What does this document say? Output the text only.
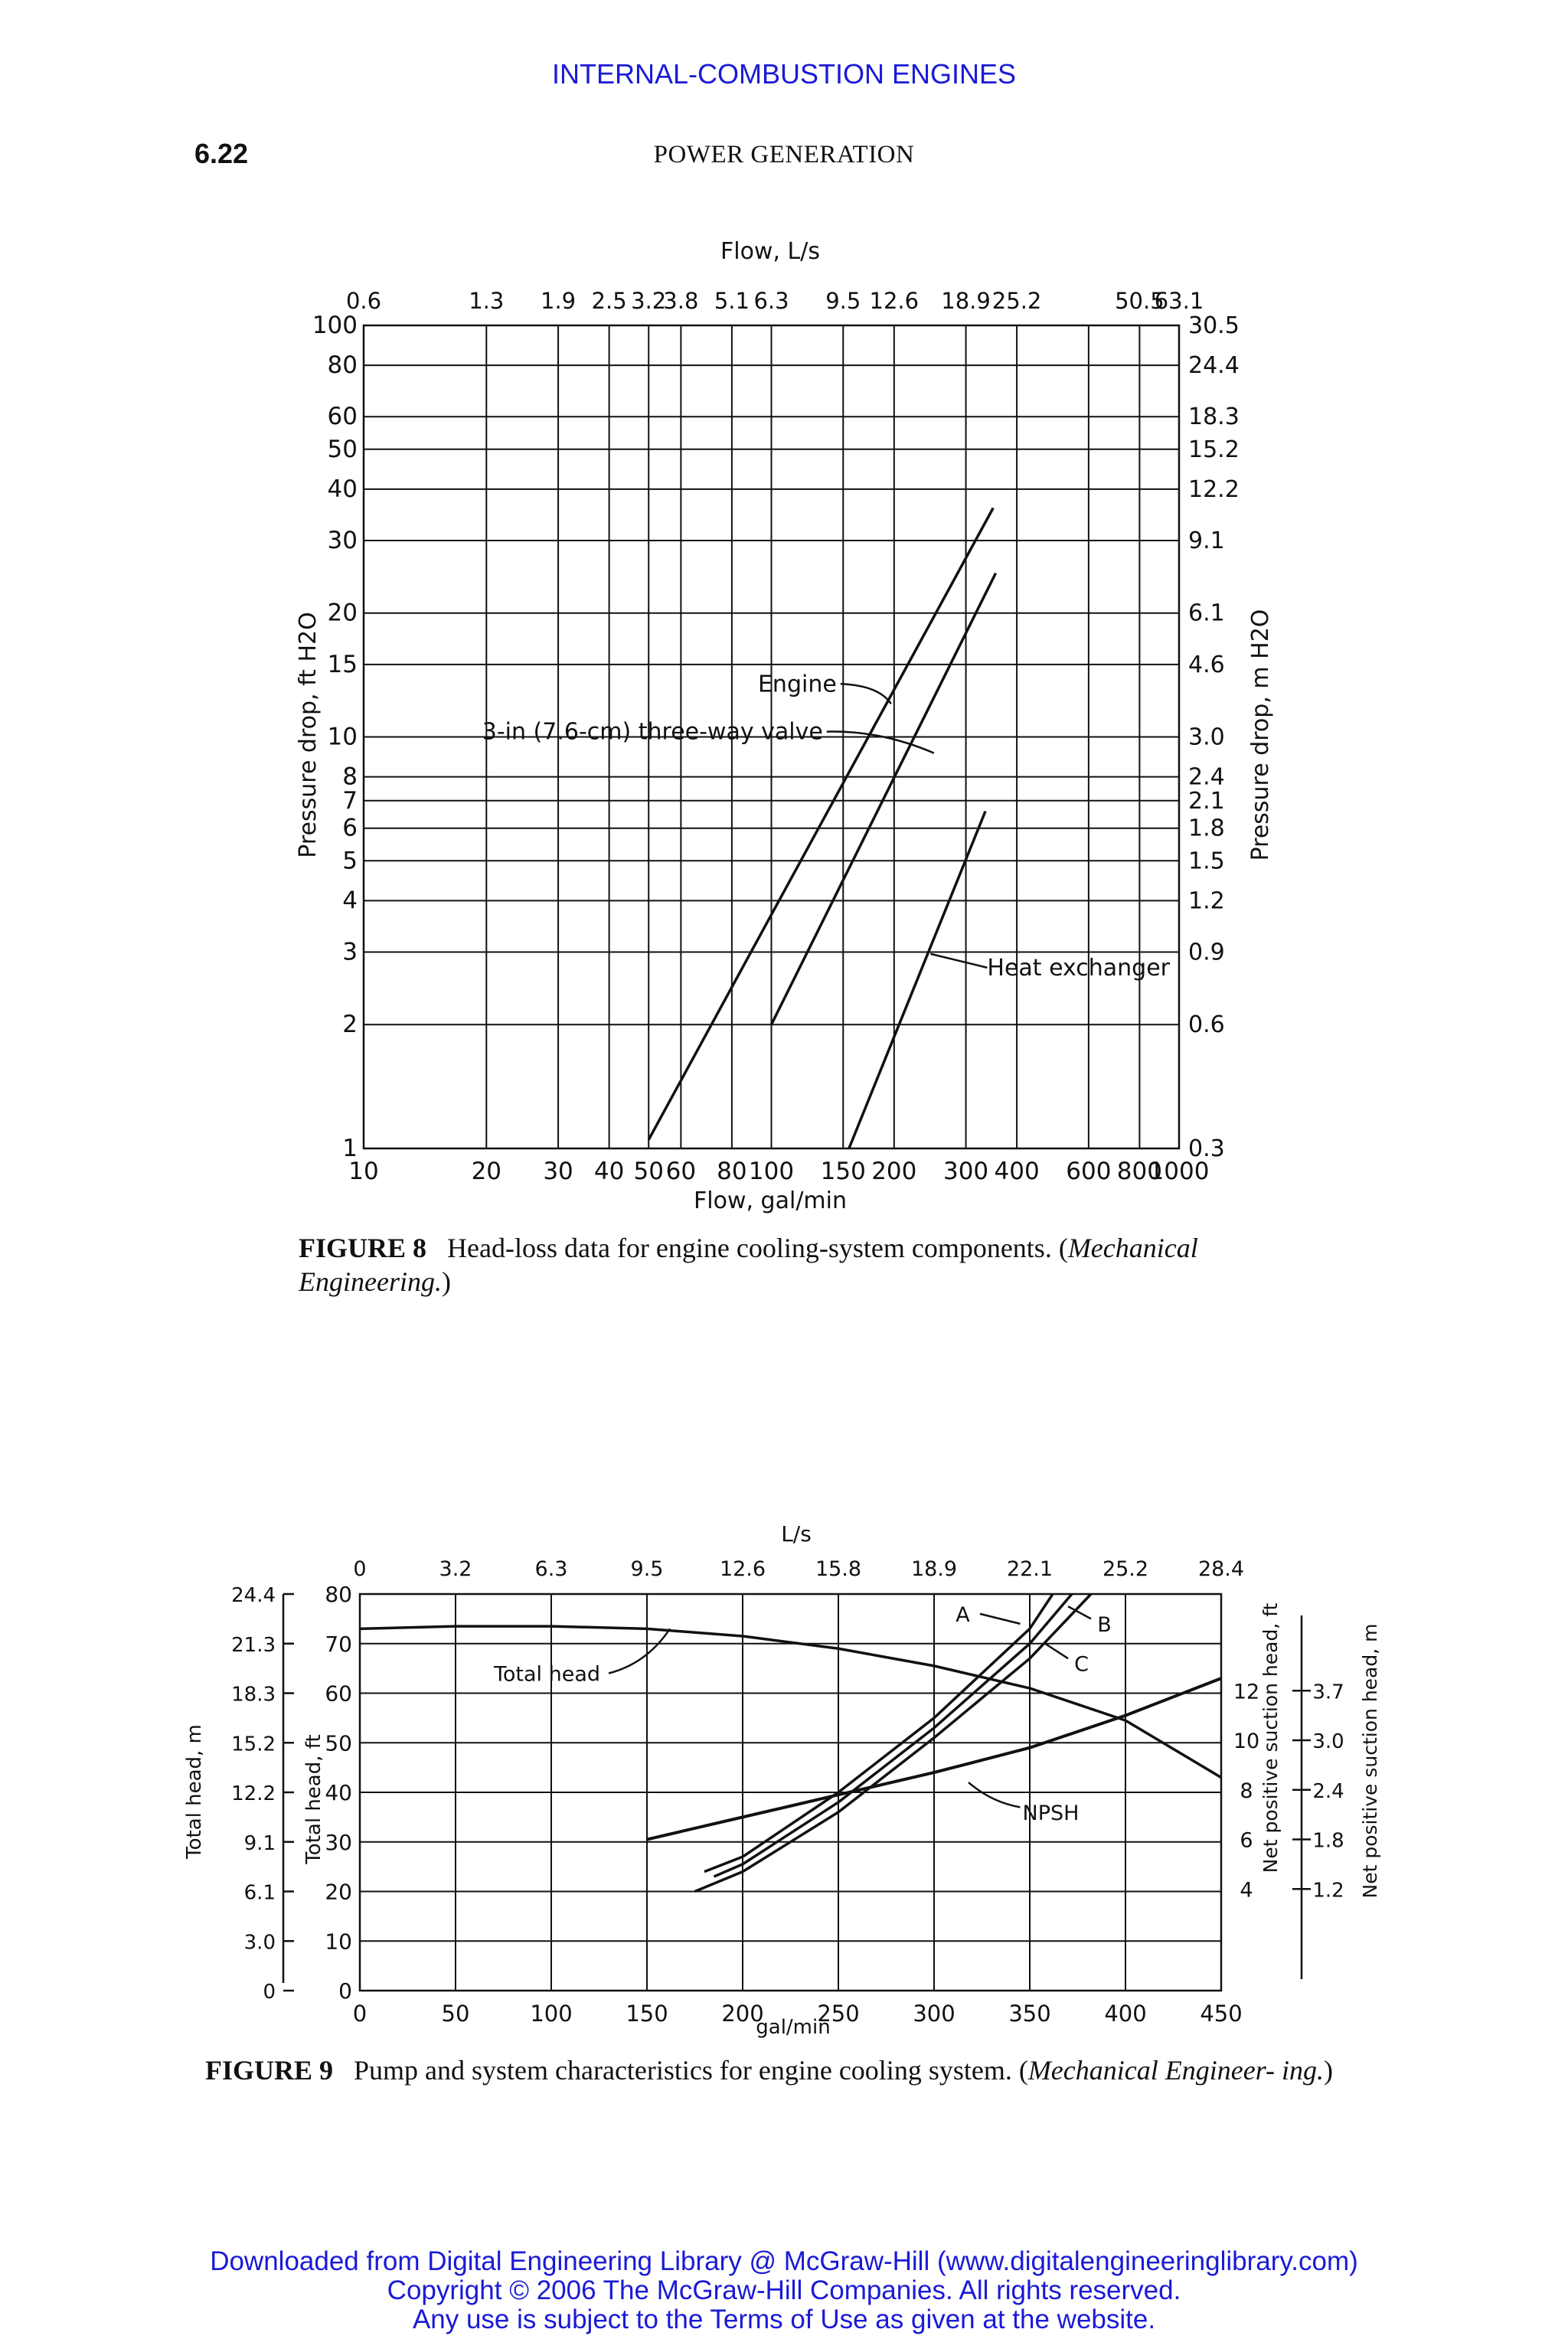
INTERNAL-COMBUSTION ENGINES
6.22	POWER GENERATION
10	20 30 40 50 60 80 100 150 200 300 400 600 800
1000
0.6	1.3 1.9 2.5 3.2
3.8 5.1 6.3 9.5 12.6 18.9 25.2	50.5
63.1
1
2
3
4
5
6
7
8
10
15
20
30
40
50
60
80
100
0.3
0.6
0.9
1.2
1.5
1.8
2.1
2.4
3.0
4.6
6.1
9.1
12.2
15.2
18.3
24.4
30.5
Flow, L/s
Flow, gal/min
Pressure drop, ft H2O	Pressure drop, m H2O
Engine
3-in (7.6-cm) three-way valve
Heat exchanger
FIGURE 8 Head-loss data for engine cooling-system components. (Mechanical Engineering.)
0	50	100 150 200 250 300 350 400 450
0	3.2	6.3	9.5	12.6 15.8 18.9 22.1 25.2 28.4
0
10
20
30
40
50
60
70
80
0
3.0
6.1
9.1
12.2
15.2
18.3
21.3
24.4
4	1.2
6	1.8
8	2.4
10	3.0
12	3.7
L/s
gal/min
Total head, ft
Total head, m	Net positive suction head, ft	Net positive suction head, m
Total head
A	B
C
NPSH
FIGURE 9 Pump and system characteristics for engine cooling system. (Mechanical Engineer- ing.)
Downloaded from Digital Engineering Library @ McGraw-Hill (www.digitalengineeringlibrary.com)
Copyright © 2006 The McGraw-Hill Companies. All rights reserved.
Any use is subject to the Terms of Use as given at the website.
